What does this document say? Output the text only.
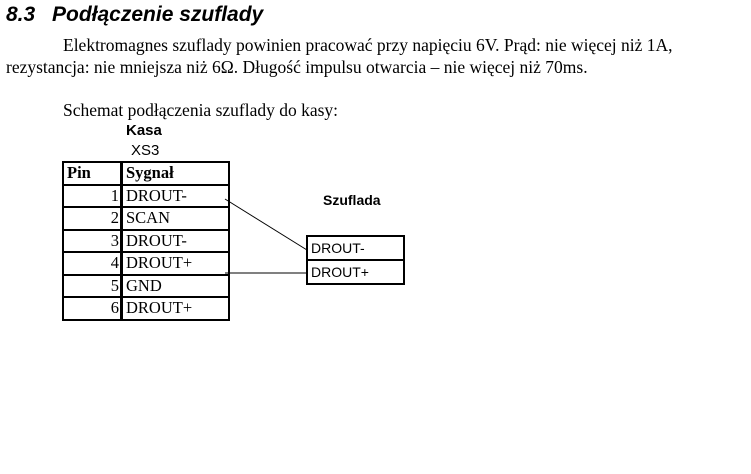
8.3 Podłączenie szuflady
Elektromagnes szuflady powinien pracować przy napięciu 6V. Prąd: nie więcej niż 1A,
rezystancja: nie mniejsza niż 6Ω. Długość impulsu otwarcia – nie więcej niż 70ms.
Schemat podłączenia szuflady do kasy:
Kasa
XS3
Pin	Sygnał
1	DROUT-
2	SCAN
3	DROUT-
4	DROUT+
5	GND
6	DROUT+
Szuflada
DROUT-
DROUT+
